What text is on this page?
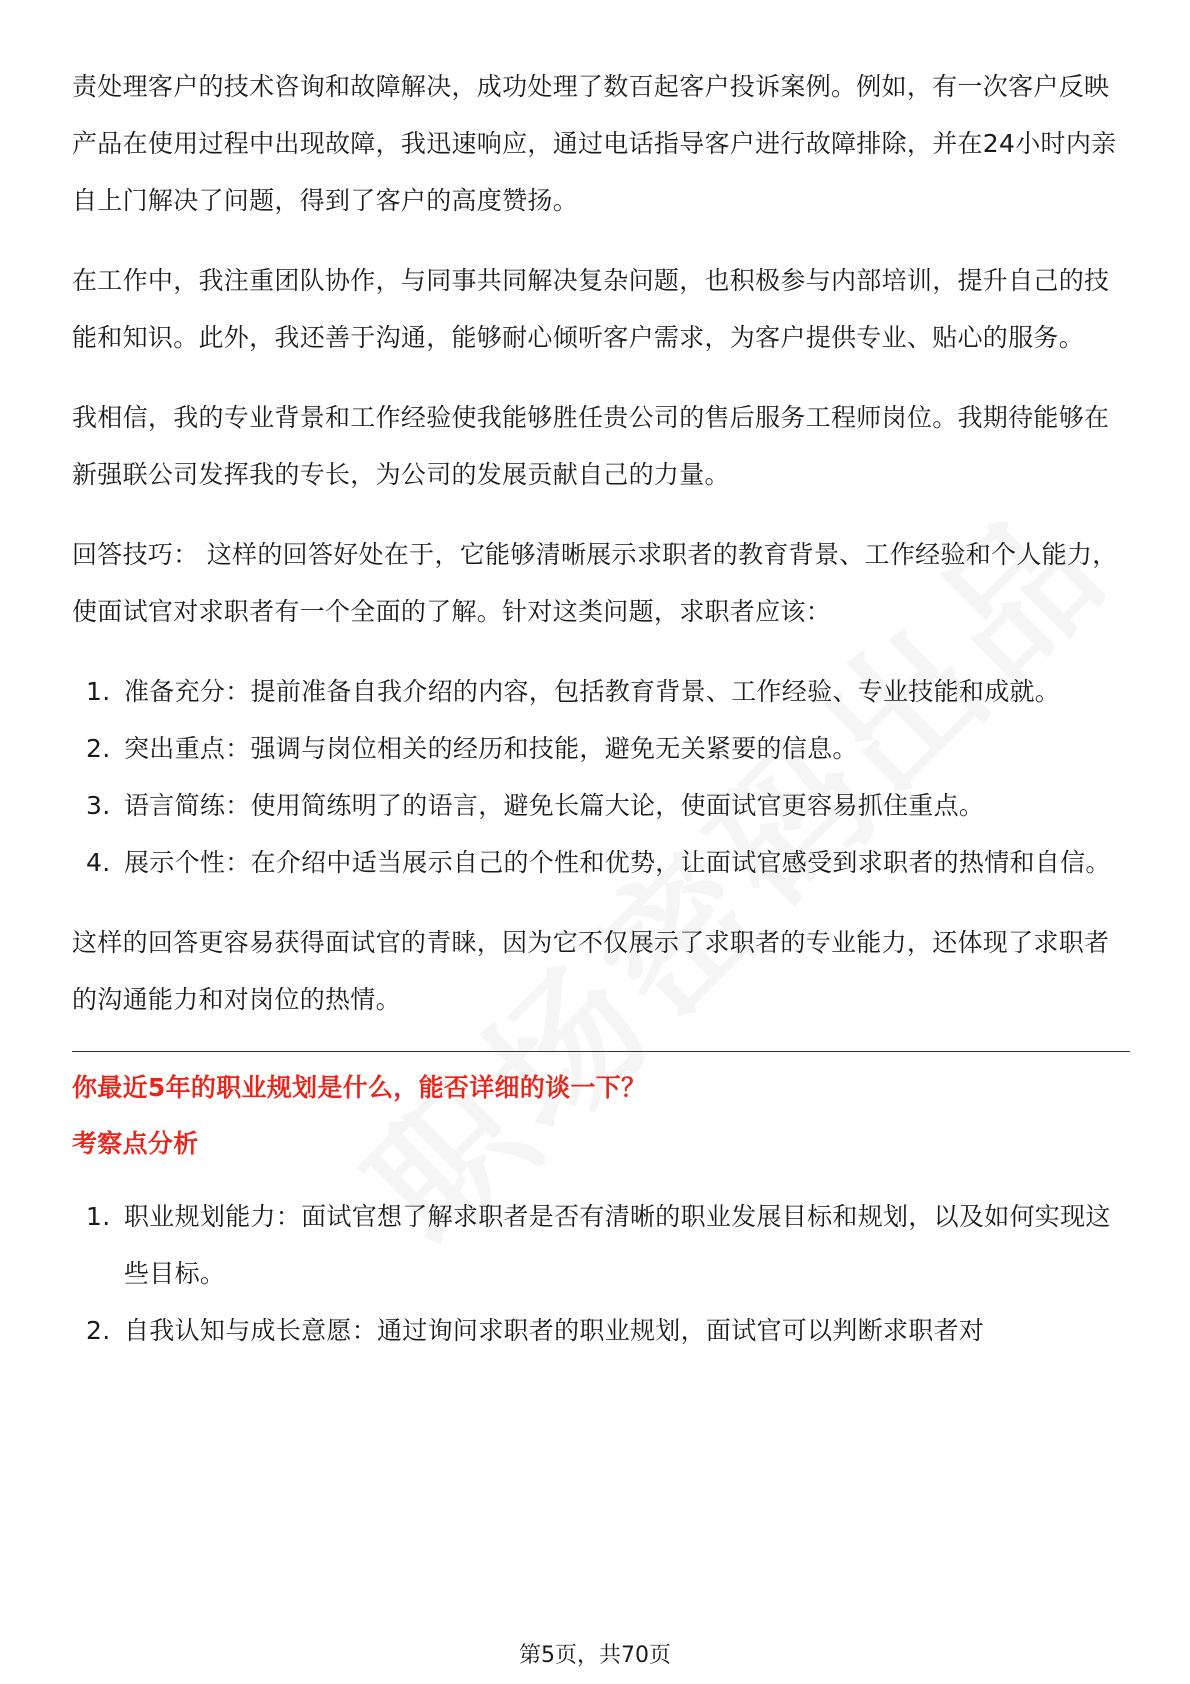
责处理客户的技术咨询和故障解决，成功处理了数百起客户投诉案例。例如，有一次客户反映产品在使用过程中出现故障，我迅速响应，通过电话指导客户进行故障排除，并在24小时内亲自上门解决了问题，得到了客户的高度赞扬。

在工作中，我注重团队协作，与同事共同解决复杂问题，也积极参与内部培训，提升自己的技能和知识。此外，我还善于沟通，能够耐心倾听客户需求，为客户提供专业、贴心的服务。

我相信，我的专业背景和工作经验使我能够胜任贵公司的售后服务工程师岗位。我期待能够在新强联公司发挥我的专长，为公司的发展贡献自己的力量。

回答技巧： 这样的回答好处在于，它能够清晰展示求职者的教育背景、工作经验和个人能力，使面试官对求职者有一个全面的了解。针对这类问题，求职者应该：

1. 准备充分：提前准备自我介绍的内容，包括教育背景、工作经验、专业技能和成就。
2. 突出重点：强调与岗位相关的经历和技能，避免无关紧要的信息。
3. 语言简练：使用简练明了的语言，避免长篇大论，使面试官更容易抓住重点。
4. 展示个性：在介绍中适当展示自己的个性和优势，让面试官感受到求职者的热情和自信。

这样的回答更容易获得面试官的青睐，因为它不仅展示了求职者的专业能力，还体现了求职者的沟通能力和对岗位的热情。

你最近5年的职业规划是什么，能否详细的谈一下？
考察点分析
1. 职业规划能力：面试官想了解求职者是否有清晰的职业发展目标和规划，以及如何实现这些目标。
2. 自我认知与成长意愿：通过询问求职者的职业规划，面试官可以判断求职者对
第5页，共70页
